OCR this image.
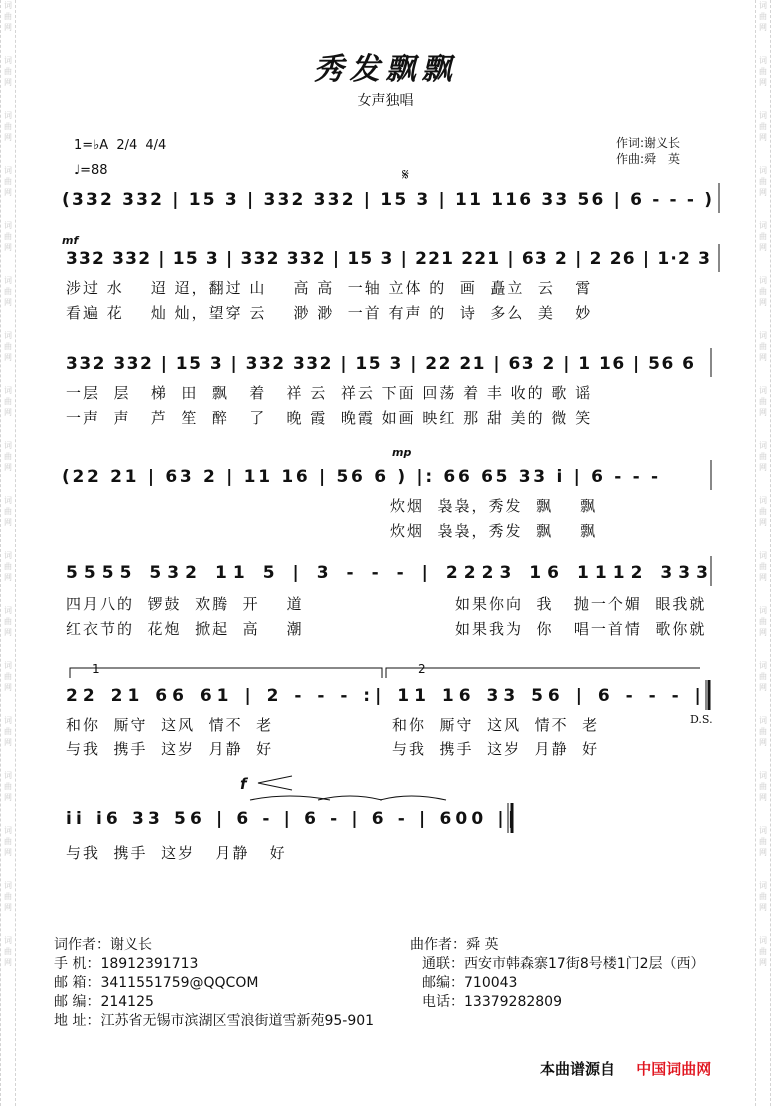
词
曲
网
词
曲
网
词
曲
网
词
曲
网
词
曲
网
词
曲
网
词
曲
网
词
曲
网
词
曲
网
词
曲
网
词
曲
网
词
曲
网
词
曲
网
词
曲
网
词
曲
网
词
曲
网
词
曲
网
词
曲
网
词
曲
网
词
曲
网
词
曲
网
词
曲
网
词
曲
网
词
曲
网
词
曲
网
词
曲
网
词
曲
网
词
曲
网
词
曲
网
词
曲
网
词
曲
网
词
曲
网
词
曲
网
词
曲
网
词
曲
网
词
曲
网
秀发飘飘
女声独唱
1=♭A 2/4 4/4
♩=88
作词:谢义长
作曲:舜　英
𝄋
mf
mp
f
D.S.
1	2
(332 332 | 15 3 | 332 332 | 15 3 | 11 116 33 56 | 6 - - - )
332 332 | 15 3 | 332 332 | 15 3 | 221 221 | 63 2 | 2 26 | 1·2 3
332 332 | 15 3 | 332 332 | 15 3 | 22 21 | 63 2 | 1 16 | 56 6
(22 21 | 63 2 | 11 16 | 56 6 ) |: 66 65 33 i | 6 - - -
5555 532 11 5 | 3 - - - | 2223 16 1112 333
22 21 66 61 | 2 - - - :| 11 16 33 56 | 6 - - - ||
ii i6 33 56 | 6 - | 6 - | 6 - | 600 ||
涉过 水    迢 迢，翻过 山    高 高  一轴 立体 的  画  矗立  云   霄
看遍 花    灿 灿，望穿 云    渺 渺  一首 有声 的  诗  多么  美   妙
一层  层   梯  田  飘   着   祥 云  祥云 下面 回荡 着 丰 收的 歌 谣
一声  声   芦  笙  醉   了   晚 霞  晚霞 如画 映红 那 甜 美的 微 笑
炊烟  袅袅，秀发  飘    飘
炊烟  袅袅，秀发  飘    飘
四月八的  锣鼓  欢腾  开    道
红衣节的  花炮  掀起  高    潮
如果你向  我   抛一个媚  眼我就
如果我为  你   唱一首情  歌你就
和你  厮守  这风  情不  老
与我  携手  这岁  月静  好
和你  厮守  这风  情不  老
与我  携手  这岁  月静  好
与我  携手  这岁   月静   好
词作者：谢义长
手 机：18912391713
邮 箱：3411551759@QQCOM
邮 编：214125
地 址：江苏省无锡市滨湖区雪浪街道雪新苑95-901
曲作者：舜 英
通联：西安市韩森寨17街8号楼1门2层（西）
邮编：710043
电话：13379282809
本曲谱源自 中国词曲网
